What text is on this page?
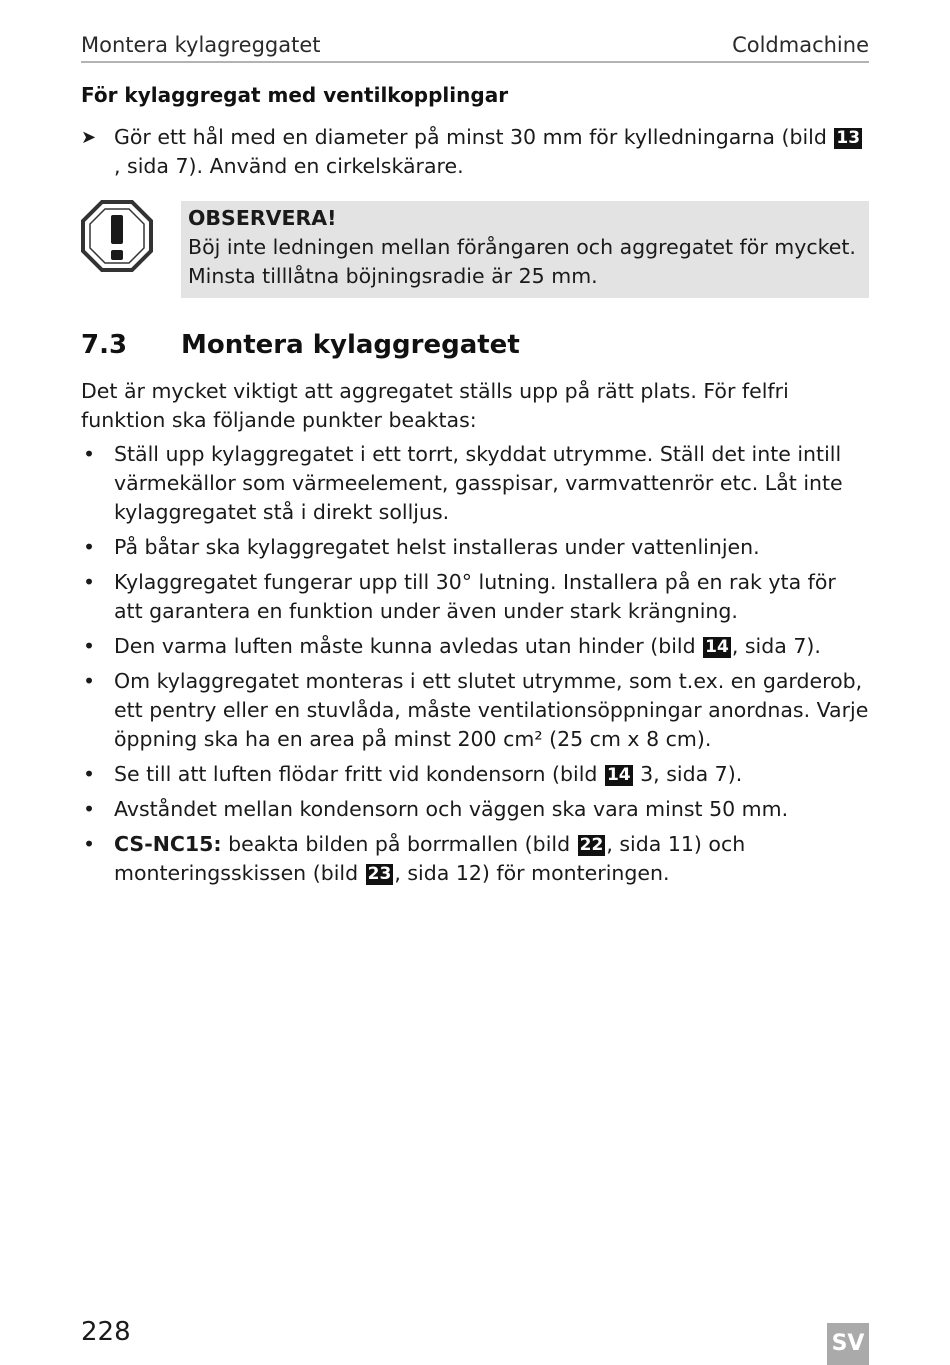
Montera kylagreggatet	Coldmachine
För kylaggregat med ventilkopplingar
➤ Gör ett hål med en diameter på minst 30 mm för kylledningarna (bild 13, sida 7). Använd en cirkelskärare.
OBSERVERA!
Böj inte ledningen mellan förångaren och aggregatet för mycket. Minsta tilllåtna böjningsradie är 25 mm.
7.3 Montera kylaggregatet
Det är mycket viktigt att aggregatet ställs upp på rätt plats. För felfri funktion ska följande punkter beaktas:
• Ställ upp kylaggregatet i ett torrt, skyddat utrymme. Ställ det inte intill värmekällor som värmeelement, gasspisar, varmvattenrör etc. Låt inte kylaggregatet stå i direkt solljus.
• På båtar ska kylaggregatet helst installeras under vattenlinjen.
• Kylaggregatet fungerar upp till 30° lutning. Installera på en rak yta för att garantera en funktion under även under stark krängning.
• Den varma luften måste kunna avledas utan hinder (bild 14 , sida 7).
• Om kylaggregatet monteras i ett slutet utrymme, som t.ex. en garderob, ett pentry eller en stuvlåda, måste ventilationsöppningar anordnas. Varje öppning ska ha en area på minst 200 cm² (25 cm x 8 cm).
• Se till att luften flödar fritt vid kondensorn (bild 14 3, sida 7).
• Avståndet mellan kondensorn och väggen ska vara minst 50 mm.
• CS-NC15: beakta bilden på borrmallen (bild 22 , sida 11) och monteringsskissen (bild 23 , sida 12) för monteringen.
228	SV
